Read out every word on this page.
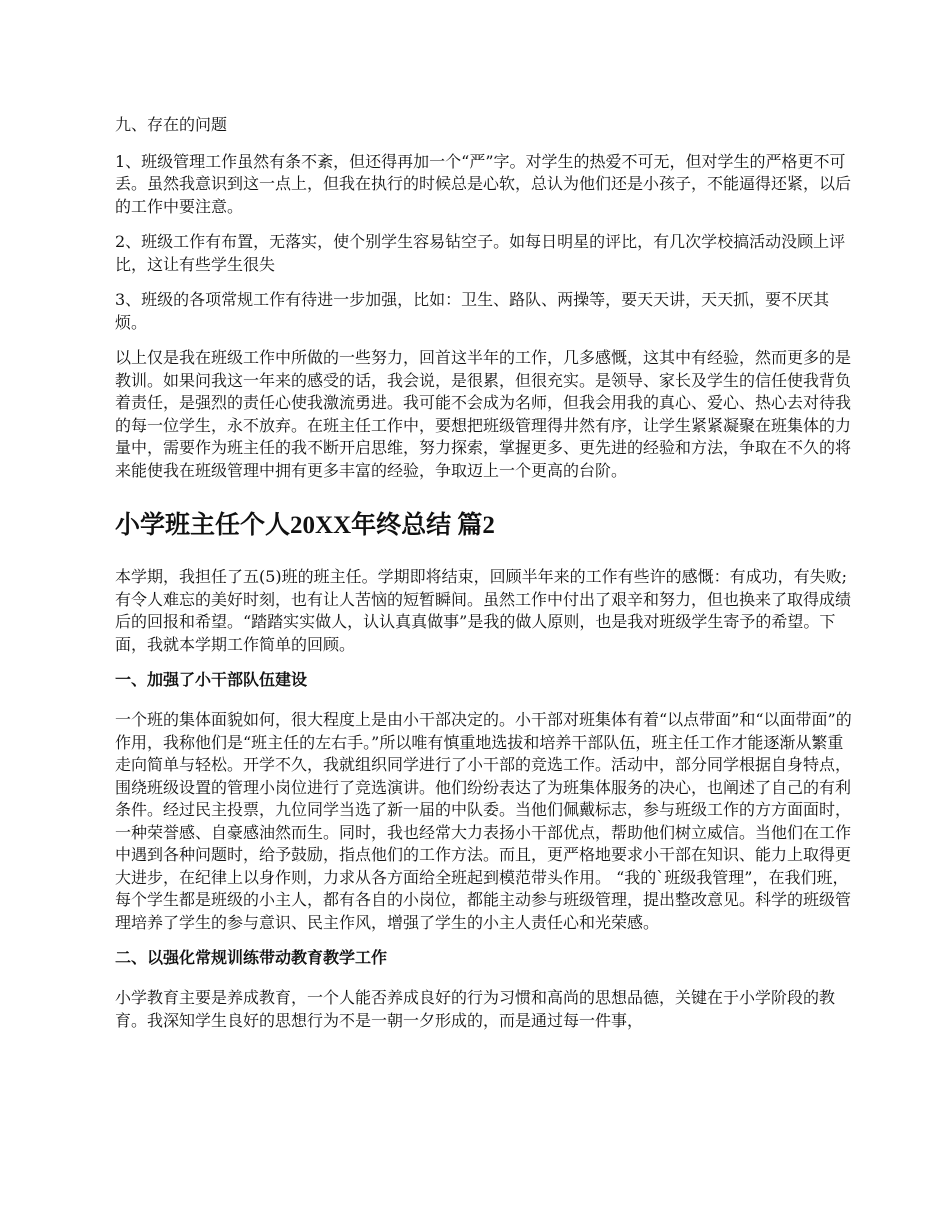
九、存在的问题

1、班级管理工作虽然有条不紊，但还得再加一个“严”字。对学生的热爱不可无，但对学生的严格更不可丢。虽然我意识到这一点上，但我在执行的时候总是心软，总认为他们还是小孩子，不能逼得还紧，以后的工作中要注意。

2、班级工作有布置，无落实，使个别学生容易钻空子。如每日明星的评比，有几次学校搞活动没顾上评比，这让有些学生很失

3、班级的各项常规工作有待进一步加强，比如：卫生、路队、两操等，要天天讲，天天抓，要不厌其烦。

以上仅是我在班级工作中所做的一些努力，回首这半年的工作，几多感慨，这其中有经验，然而更多的是教训。如果问我这一年来的感受的话，我会说，是很累，但很充实。是领导、家长及学生的信任使我背负着责任，是强烈的责任心使我激流勇进。我可能不会成为名师，但我会用我的真心、爱心、热心去对待我的每一位学生，永不放弃。在班主任工作中，要想把班级管理得井然有序，让学生紧紧凝聚在班集体的力量中，需要作为班主任的我不断开启思维，努力探索，掌握更多、更先进的经验和方法，争取在不久的将来能使我在班级管理中拥有更多丰富的经验，争取迈上一个更高的台阶。

小学班主任个人20XX年终总结 篇2

本学期，我担任了五(5)班的班主任。学期即将结束，回顾半年来的工作有些许的感慨：有成功，有失败;有令人难忘的美好时刻，也有让人苦恼的短暂瞬间。虽然工作中付出了艰辛和努力，但也换来了取得成绩后的回报和希望。“踏踏实实做人，认认真真做事”是我的做人原则，也是我对班级学生寄予的希望。下面，我就本学期工作简单的回顾。

一、加强了小干部队伍建设

一个班的集体面貌如何，很大程度上是由小干部决定的。小干部对班集体有着“以点带面”和“以面带面”的作用，我称他们是“班主任的左右手。”所以唯有慎重地选拔和培养干部队伍，班主任工作才能逐渐从繁重走向简单与轻松。开学不久，我就组织同学进行了小干部的竞选工作。活动中，部分同学根据自身特点，围绕班级设置的管理小岗位进行了竞选演讲。他们纷纷表达了为班集体服务的决心，也阐述了自己的有利条件。经过民主投票，九位同学当选了新一届的中队委。当他们佩戴标志，参与班级工作的方方面面时，一种荣誉感、自豪感油然而生。同时，我也经常大力表扬小干部优点，帮助他们树立威信。当他们在工作中遇到各种问题时，给予鼓励，指点他们的工作方法。而且，更严格地要求小干部在知识、能力上取得更大进步，在纪律上以身作则，力求从各方面给全班起到模范带头作用。 “我的`班级我管理”，在我们班，每个学生都是班级的小主人，都有各自的小岗位，都能主动参与班级管理，提出整改意见。科学的班级管理培养了学生的参与意识、民主作风，增强了学生的小主人责任心和光荣感。

二、以强化常规训练带动教育教学工作

小学教育主要是养成教育，一个人能否养成良好的行为习惯和高尚的思想品德，关键在于小学阶段的教育。我深知学生良好的思想行为不是一朝一夕形成的，而是通过每一件事，
